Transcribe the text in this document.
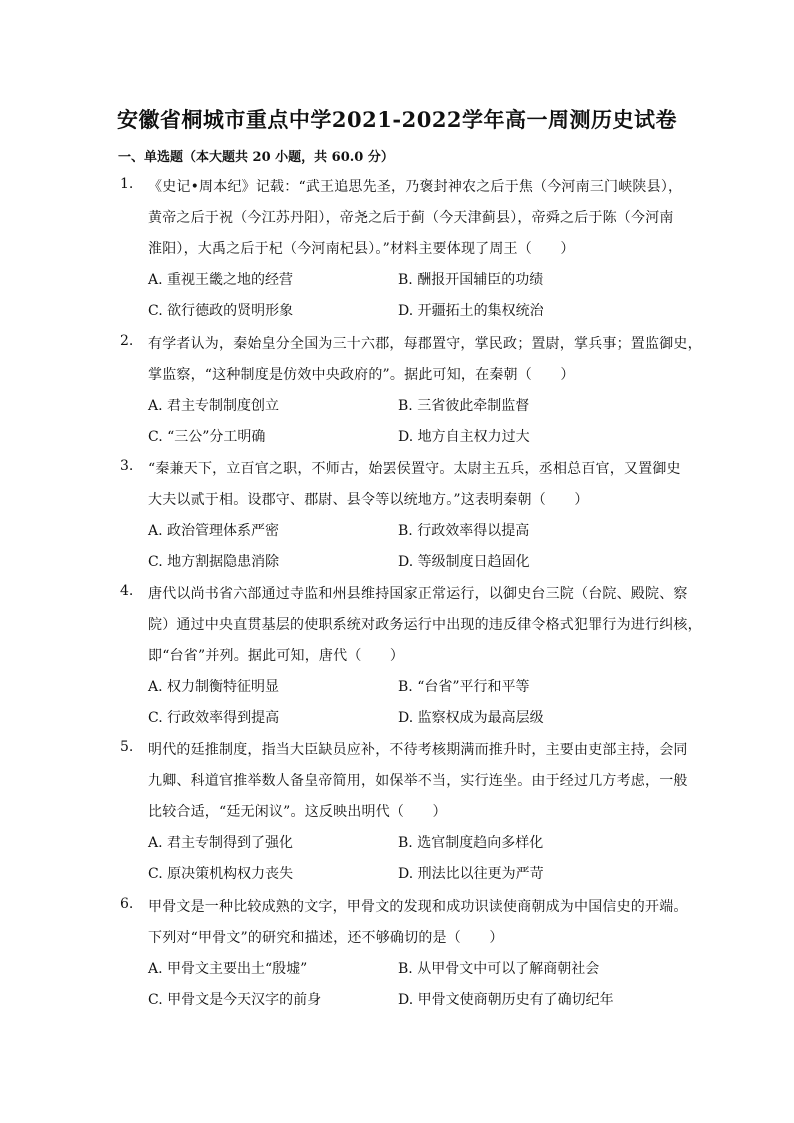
安徽省桐城市重点中学2021-2022学年高一周测历史试卷
一、单选题（本大题共 20 小题，共 60.0 分）
1. 《史记•周本纪》记载：“武王追思先圣，乃褒封神农之后于焦（今河南三门峡陕县），
黄帝之后于祝（今江苏丹阳），帝尧之后于蓟（今天津蓟县），帝舜之后于陈（今河南
淮阳），大禹之后于杞（今河南杞县）。”材料主要体现了周王（　　）
A. 重视王畿之地的经营	B. 酬报开国辅臣的功绩
C. 欲行德政的贤明形象	D. 开疆拓土的集权统治
2. 有学者认为，秦始皇分全国为三十六郡，每郡置守，掌民政；置尉，掌兵事；置监御史，
掌监察，“这种制度是仿效中央政府的”。据此可知，在秦朝（　　）
A. 君主专制制度创立	B. 三省彼此牵制监督
C. “三公”分工明确	D. 地方自主权力过大
3. “秦兼天下，立百官之职，不师古，始罢侯置守。太尉主五兵，丞相总百官，又置御史
大夫以贰于相。设郡守、郡尉、县令等以统地方。”这表明秦朝（　　）
A. 政治管理体系严密	B. 行政效率得以提高
C. 地方割据隐患消除	D. 等级制度日趋固化
4. 唐代以尚书省六部通过寺监和州县维持国家正常运行，以御史台三院（台院、殿院、察
院）通过中央直贯基层的使职系统对政务运行中出现的违反律令格式犯罪行为进行纠核，
即“台省”并列。据此可知，唐代（　　）
A. 权力制衡特征明显	B. “台省”平行和平等
C. 行政效率得到提高	D. 监察权成为最高层级
5. 明代的廷推制度，指当大臣缺员应补，不待考核期满而推升时，主要由吏部主持，会同
九卿、科道官推举数人备皇帝简用，如保举不当，实行连坐。由于经过几方考虑，一般
比较合适，“廷无闲议”。这反映出明代（　　）
A. 君主专制得到了强化	B. 选官制度趋向多样化
C. 原决策机构权力丧失	D. 刑法比以往更为严苛
6. 甲骨文是一种比较成熟的文字，甲骨文的发现和成功识读使商朝成为中国信史的开端。
下列对“甲骨文”的研究和描述，还不够确切的是（　　）
A. 甲骨文主要出土“殷墟”	B. 从甲骨文中可以了解商朝社会
C. 甲骨文是今天汉字的前身	D. 甲骨文使商朝历史有了确切纪年
